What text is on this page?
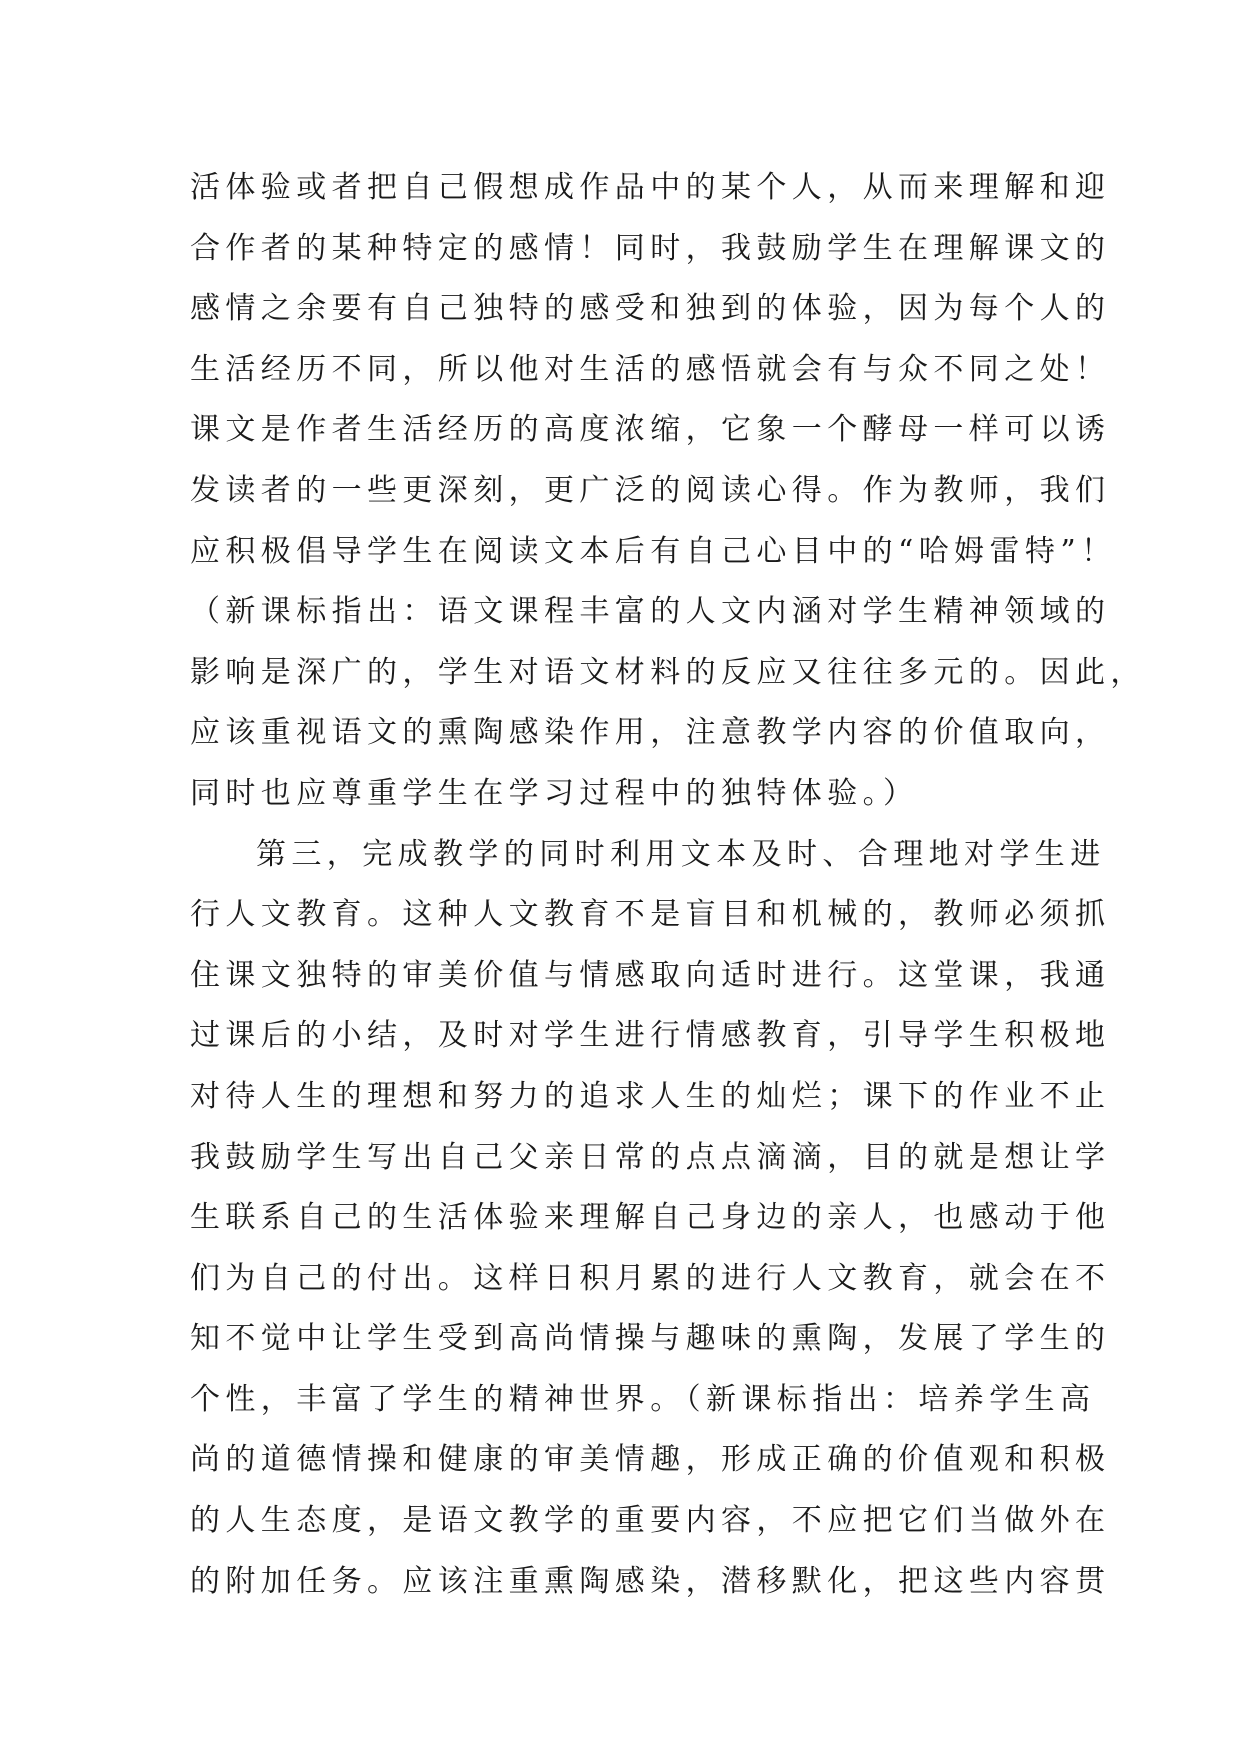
活体验或者把自己假想成作品中的某个人，从而来理解和迎
合作者的某种特定的感情！同时，我鼓励学生在理解课文的
感情之余要有自己独特的感受和独到的体验，因为每个人的
生活经历不同，所以他对生活的感悟就会有与众不同之处！
课文是作者生活经历的高度浓缩，它象一个酵母一样可以诱
发读者的一些更深刻，更广泛的阅读心得。作为教师，我们
应积极倡导学生在阅读文本后有自己心目中的“哈姆雷特”！
（新课标指出：语文课程丰富的人文内涵对学生精神领域的
影响是深广的，学生对语文材料的反应又往往多元的。因此，
应该重视语文的熏陶感染作用，注意教学内容的价值取向，
同时也应尊重学生在学习过程中的独特体验。）
第三，完成教学的同时利用文本及时、合理地对学生进
行人文教育。这种人文教育不是盲目和机械的，教师必须抓
住课文独特的审美价值与情感取向适时进行。这堂课，我通
过课后的小结，及时对学生进行情感教育，引导学生积极地
对待人生的理想和努力的追求人生的灿烂；课下的作业不止
我鼓励学生写出自己父亲日常的点点滴滴，目的就是想让学
生联系自己的生活体验来理解自己身边的亲人，也感动于他
们为自己的付出。这样日积月累的进行人文教育，就会在不
知不觉中让学生受到高尚情操与趣味的熏陶，发展了学生的
个性，丰富了学生的精神世界。（新课标指出：培养学生高
尚的道德情操和健康的审美情趣，形成正确的价值观和积极
的人生态度，是语文教学的重要内容，不应把它们当做外在
的附加任务。应该注重熏陶感染，潜移默化，把这些内容贯
